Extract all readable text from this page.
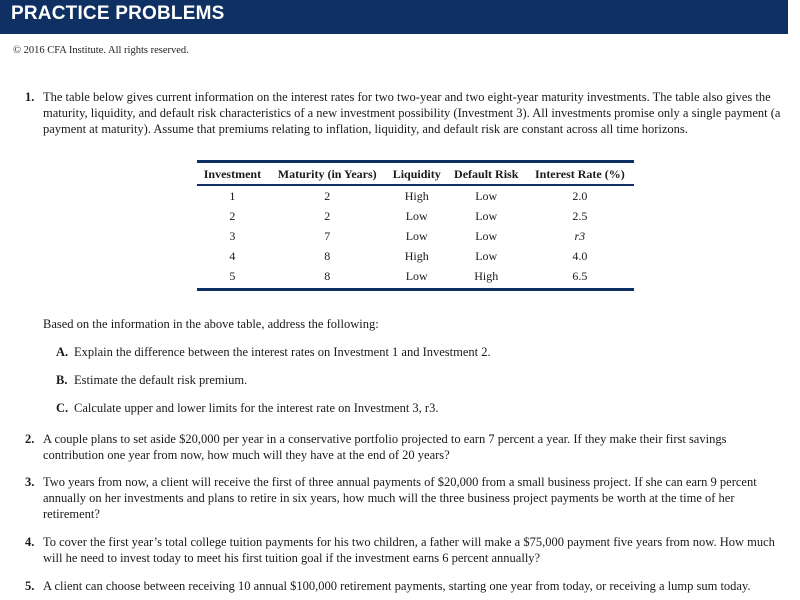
PRACTICE PROBLEMS
© 2016 CFA Institute. All rights reserved.
1. The table below gives current information on the interest rates for two two-year and two eight-year maturity investments. The table also gives the maturity, liquidity, and default risk characteristics of a new investment possibility (Investment 3). All investments promise only a single payment (a payment at maturity). Assume that premiums relating to inflation, liquidity, and default risk are constant across all time horizons.
Investment	Maturity (in Years)	Liquidity	Default Risk	Interest Rate (%)
1	2	High	Low	2.0
2	2	Low	Low	2.5
3	7	Low	Low	r3
4	8	High	Low	4.0
5	8	Low	High	6.5
Based on the information in the above table, address the following:
A. Explain the difference between the interest rates on Investment 1 and Investment 2.
B. Estimate the default risk premium.
C. Calculate upper and lower limits for the interest rate on Investment 3, r3.
2. A couple plans to set aside $20,000 per year in a conservative portfolio projected to earn 7 percent a year. If they make their first savings contribution one year from now, how much will they have at the end of 20 years?
3. Two years from now, a client will receive the first of three annual payments of $20,000 from a small business project. If she can earn 9 percent annually on her investments and plans to retire in six years, how much will the three business project payments be worth at the time of her retirement?
4. To cover the first year’s total college tuition payments for his two children, a father will make a $75,000 payment five years from now. How much will he need to invest today to meet his first tuition goal if the investment earns 6 percent annually?
5. A client can choose between receiving 10 annual $100,000 retirement payments, starting one year from today, or receiving a lump sum today.
